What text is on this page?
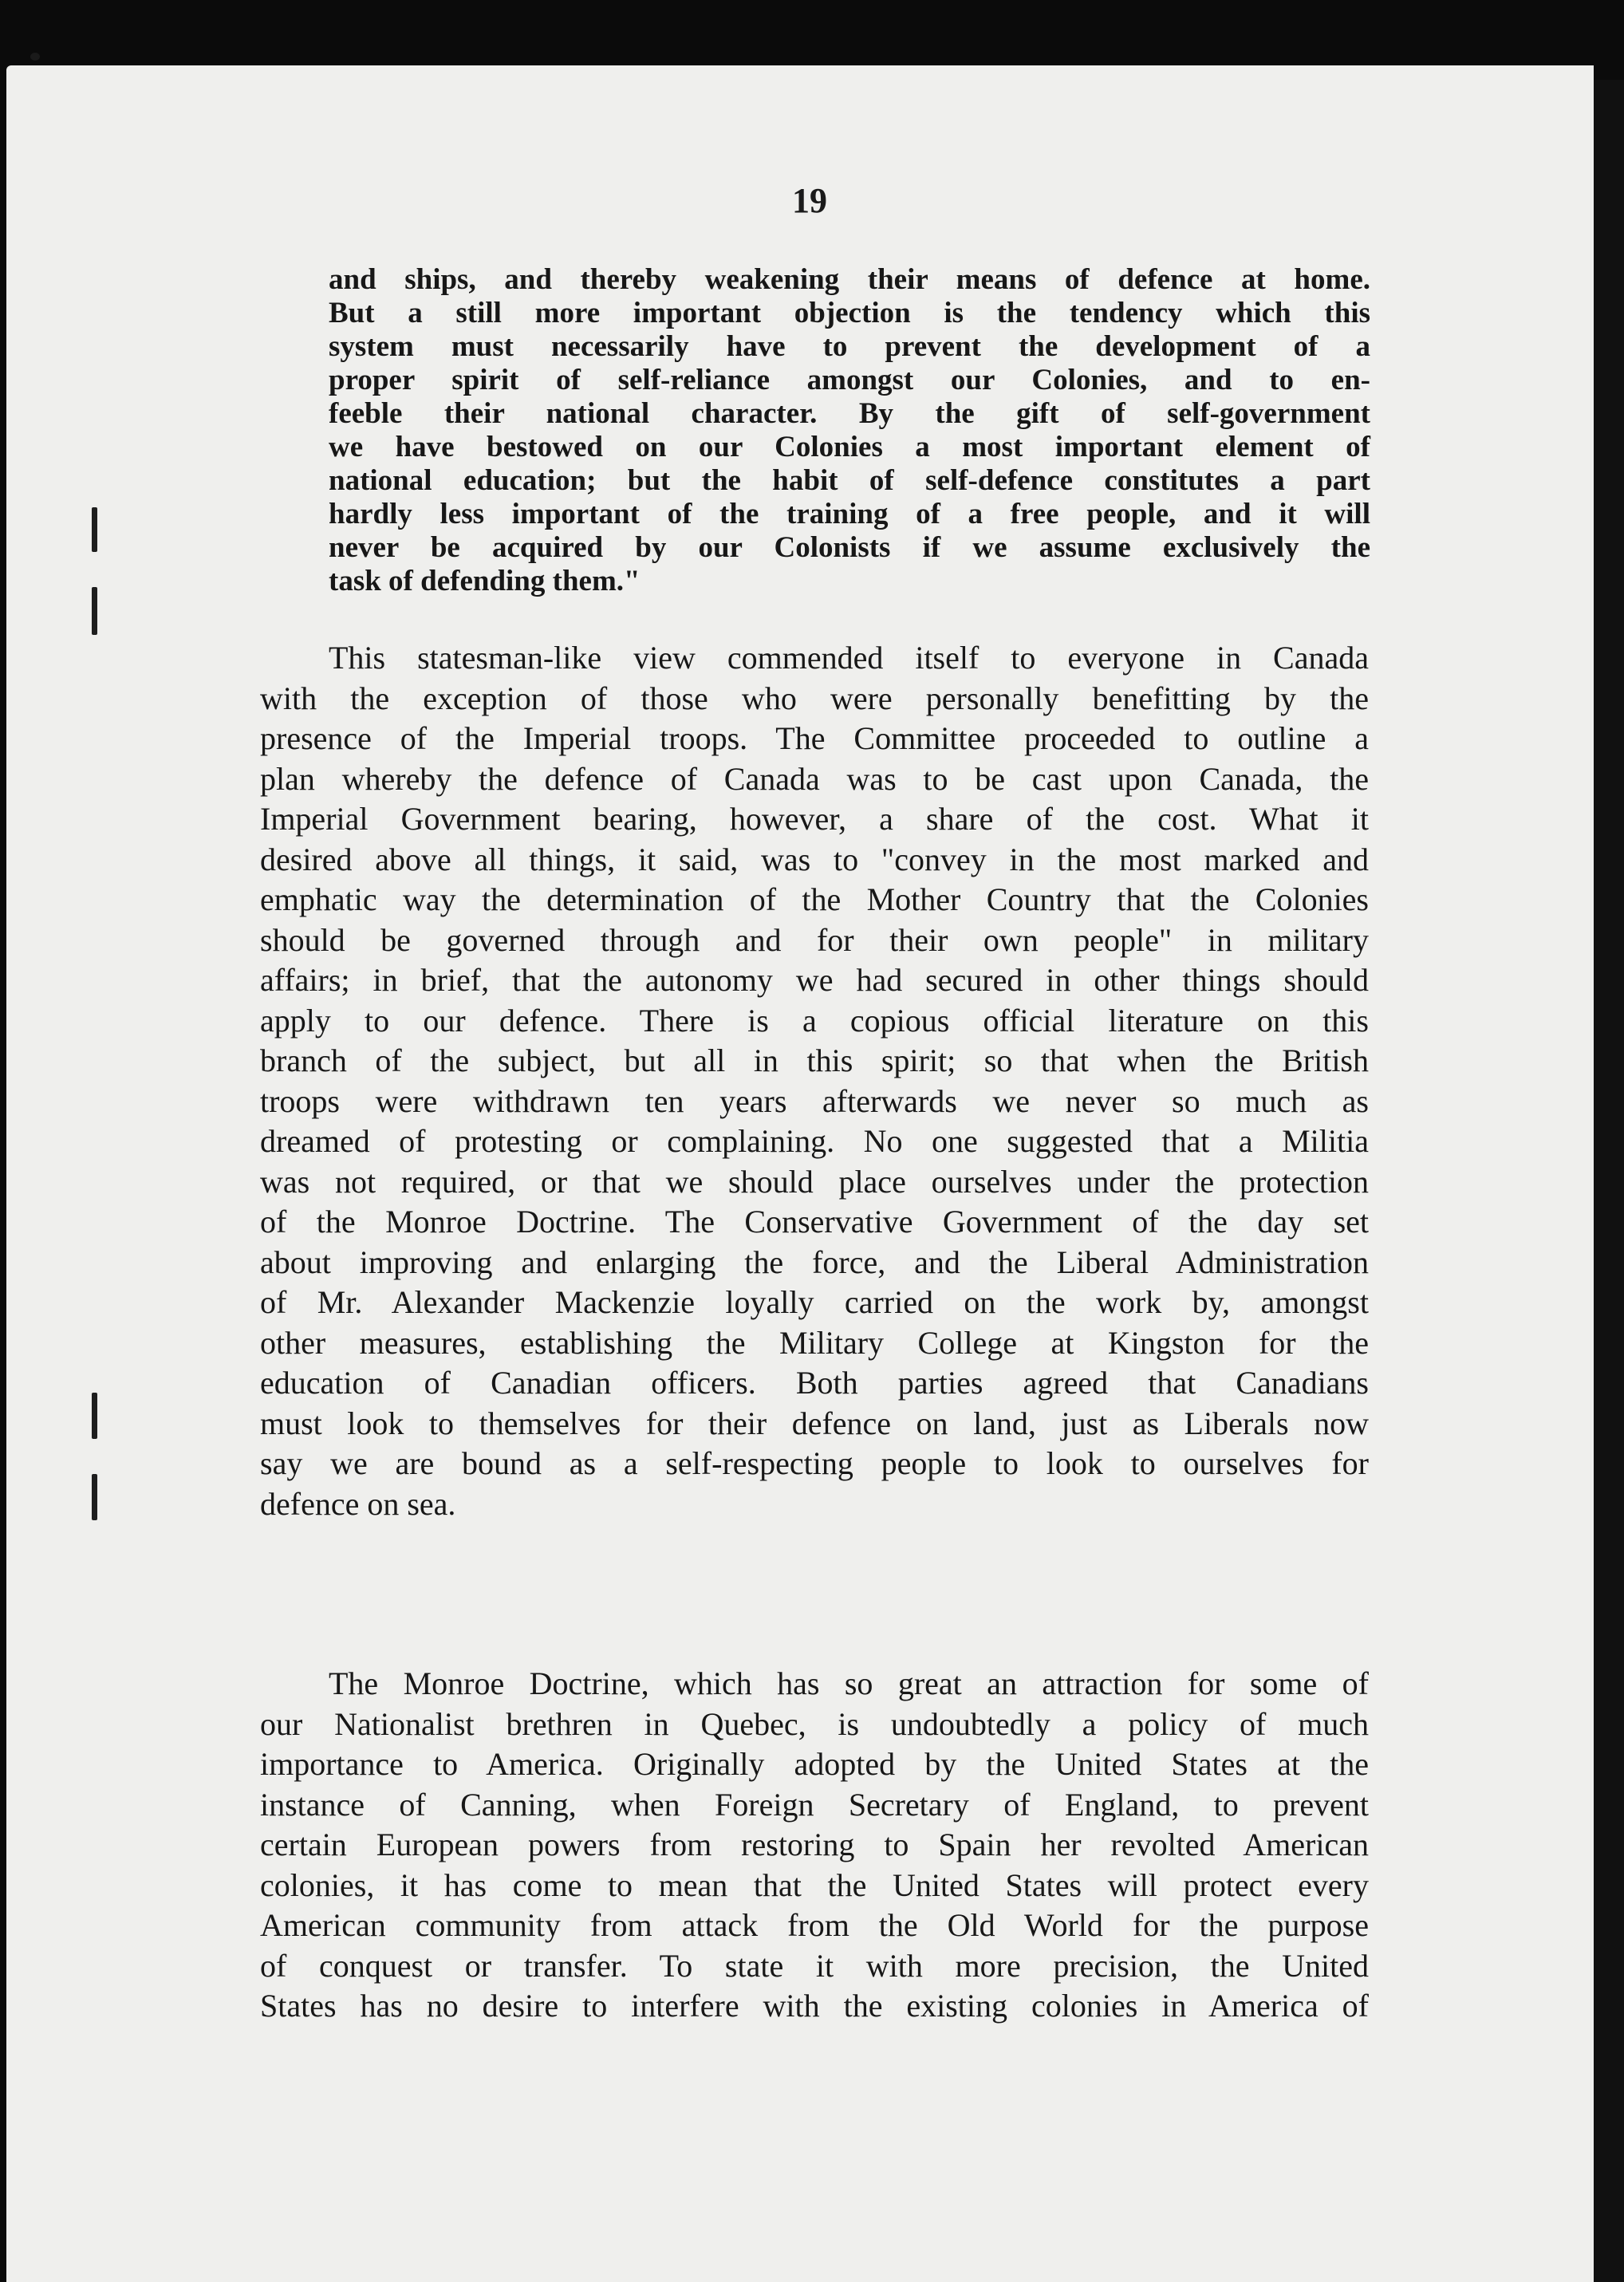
19

and ships, and thereby weakening their means of defence at home.
But a still more important objection is the tendency which this
system must necessarily have to prevent the development of a
proper spirit of self-reliance amongst our Colonies, and to en-
feeble their national character. By the gift of self-government
we have bestowed on our Colonies a most important element of
national education; but the habit of self-defence constitutes a part
hardly less important of the training of a free people, and it will
never be acquired by our Colonists if we assume exclusively the
task of defending them."

This statesman-like view commended itself to everyone in Canada
with the exception of those who were personally benefitting by the
presence of the Imperial troops. The Committee proceeded to outline a
plan whereby the defence of Canada was to be cast upon Canada, the
Imperial Government bearing, however, a share of the cost. What it
desired above all things, it said, was to "convey in the most marked and
emphatic way the determination of the Mother Country that the Colonies
should be governed through and for their own people" in military
affairs; in brief, that the autonomy we had secured in other things should
apply to our defence. There is a copious official literature on this
branch of the subject, but all in this spirit; so that when the British
troops were withdrawn ten years afterwards we never so much as
dreamed of protesting or complaining. No one suggested that a Militia
was not required, or that we should place ourselves under the protection
of the Monroe Doctrine. The Conservative Government of the day set
about improving and enlarging the force, and the Liberal Administration
of Mr. Alexander Mackenzie loyally carried on the work by, amongst
other measures, establishing the Military College at Kingston for the
education of Canadian officers. Both parties agreed that Canadians
must look to themselves for their defence on land, just as Liberals now
say we are bound as a self-respecting people to look to ourselves for
defence on sea.

The Monroe Doctrine, which has so great an attraction for some of
our Nationalist brethren in Quebec, is undoubtedly a policy of much
importance to America. Originally adopted by the United States at the
instance of Canning, when Foreign Secretary of England, to prevent
certain European powers from restoring to Spain her revolted American
colonies, it has come to mean that the United States will protect every
American community from attack from the Old World for the purpose
of conquest or transfer. To state it with more precision, the United
States has no desire to interfere with the existing colonies in America of
